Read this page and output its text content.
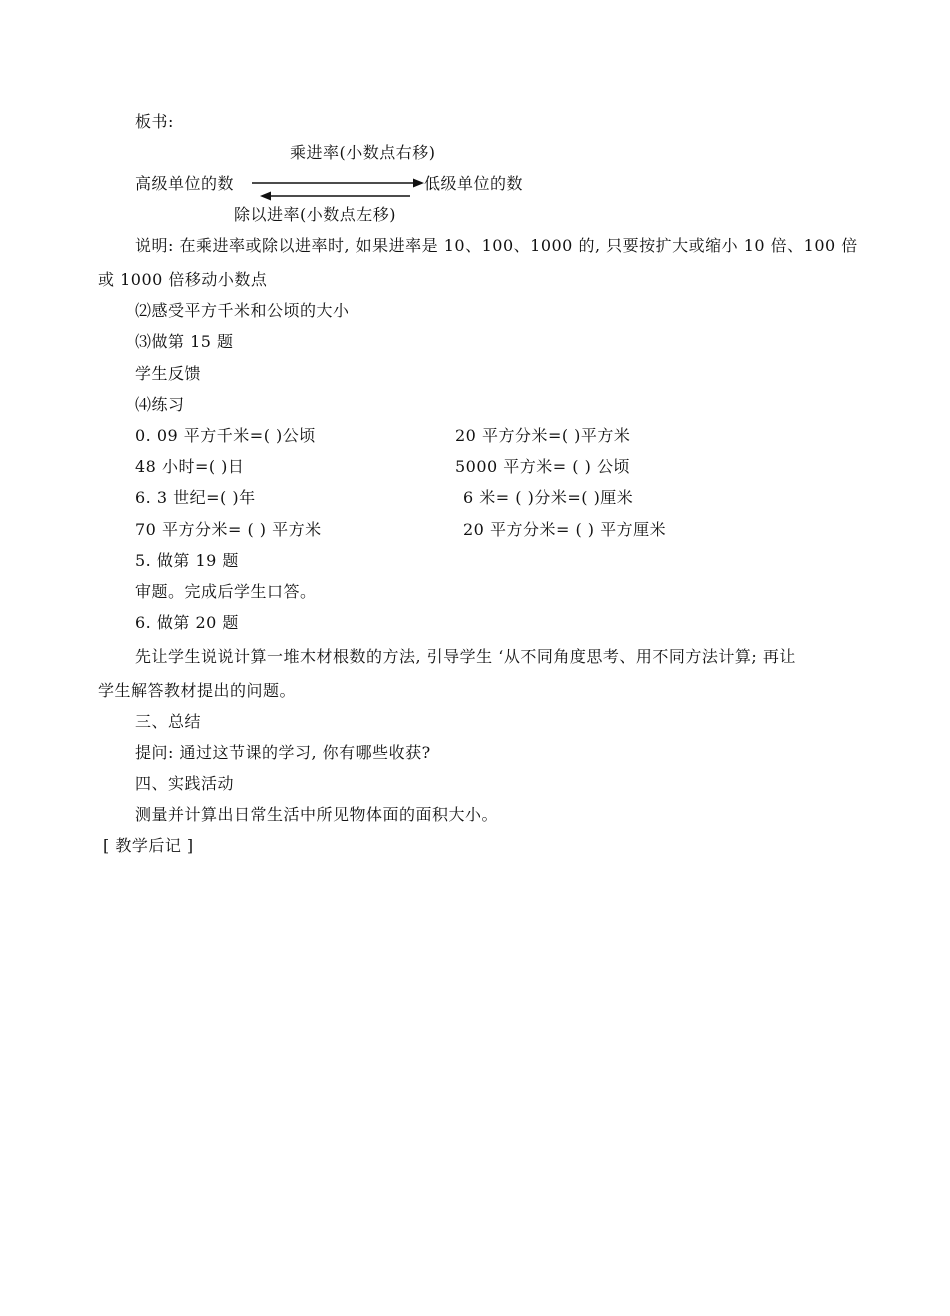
板书:
乘进率(小数点右移)
高级单位的数	低级单位的数
除以进率(小数点左移)
说明: 在乘进率或除以进率时, 如果进率是 10、100、1000 的, 只要按扩大或缩小 10 倍、100 倍
或 1000 倍移动小数点
⑵感受平方千米和公顷的大小
⑶做第 15 题
学生反馈
⑷练习
0. 09 平方千米=( )公顷	20 平方分米=( )平方米
48 小时=( )日	5000 平方米= ( ) 公顷
6. 3 世纪=( )年	6 米= ( )分米=( )厘米
70 平方分米= ( ) 平方米	20 平方分米= ( ) 平方厘米
5. 做第 19 题
审题。完成后学生口答。
6. 做第 20 题
先让学生说说计算一堆木材根数的方法, 引导学生 ‘从不同角度思考、用不同方法计算; 再让
学生解答教材提出的问题。
三、总结
提问: 通过这节课的学习, 你有哪些收获?
四、实践活动
测量并计算出日常生活中所见物体面的面积大小。
[ 教学后记 ]
